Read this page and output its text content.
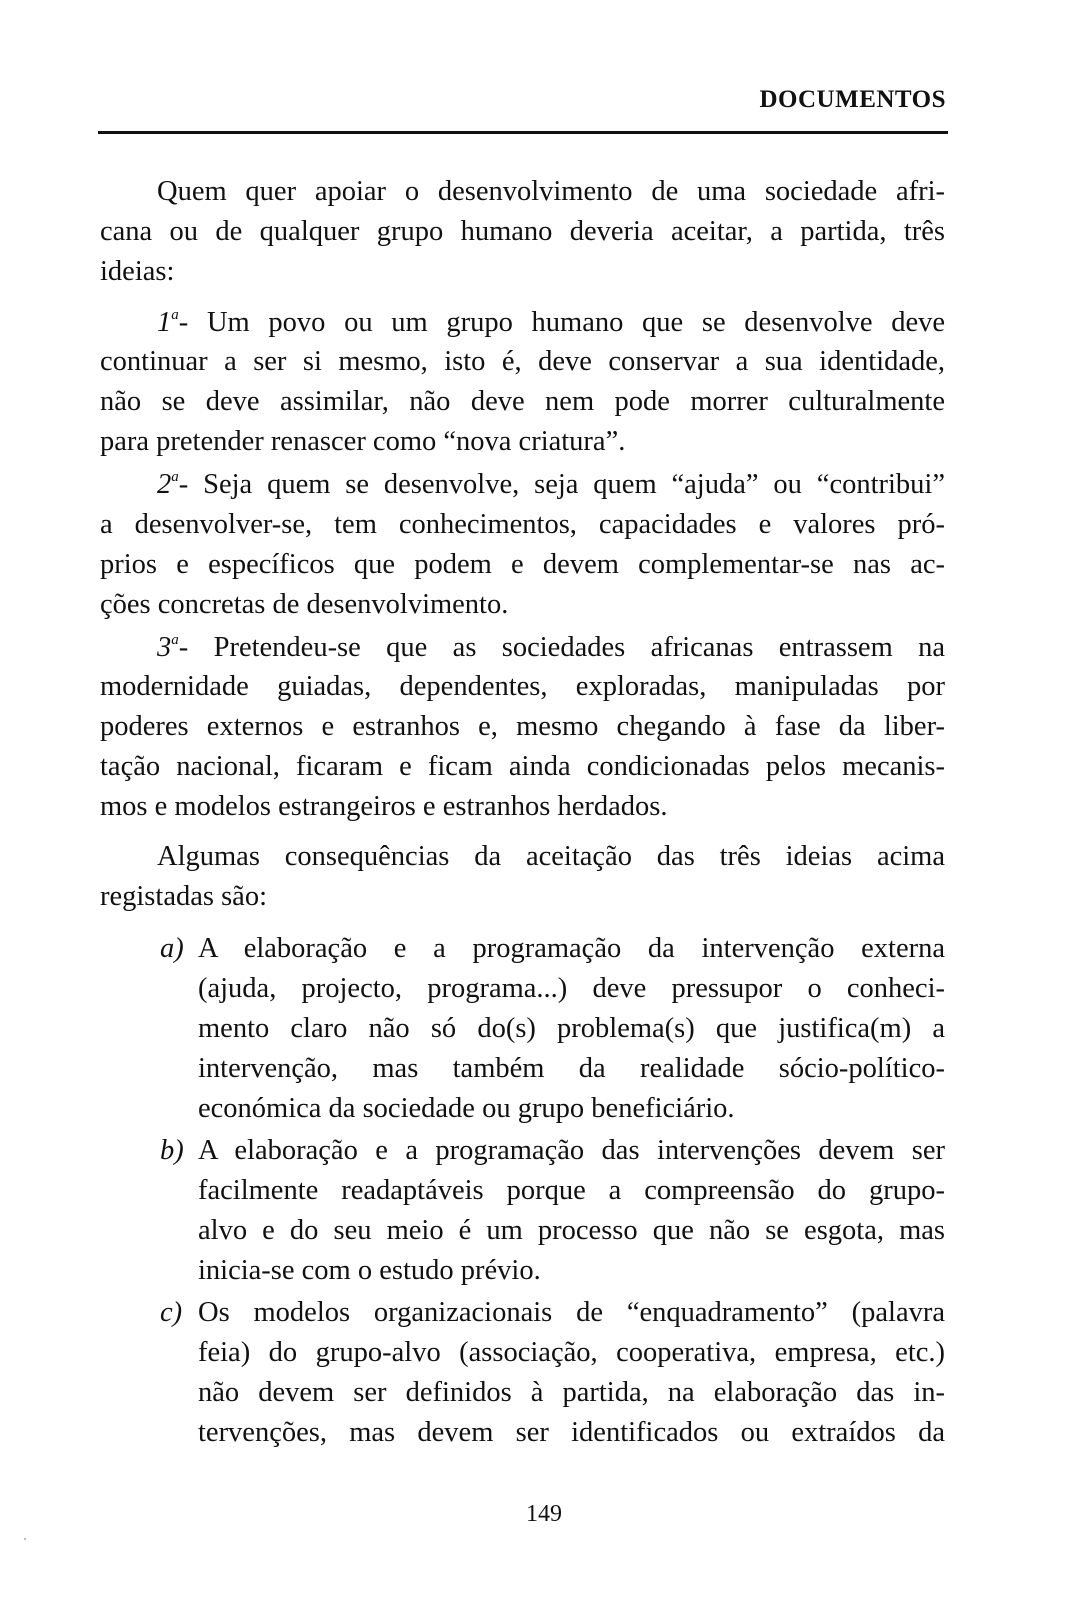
DOCUMENTOS
Quem quer apoiar o desenvolvimento de uma sociedade afri-
cana ou de qualquer grupo humano deveria aceitar, a partida, três
ideias:
1$^a$- Um povo ou um grupo humano que se desenvolve deve
continuar a ser si mesmo, isto é, deve conservar a sua identidade,
não se deve assimilar, não deve nem pode morrer culturalmente
para pretender renascer como “nova criatura”.
2$^a$- Seja quem se desenvolve, seja quem “ajuda” ou “contribui”
a desenvolver-se, tem conhecimentos, capacidades e valores pró-
prios e específicos que podem e devem complementar-se nas ac-
ções concretas de desenvolvimento.
3$^a$- Pretendeu-se que as sociedades africanas entrassem na
modernidade guiadas, dependentes, exploradas, manipuladas por
poderes externos e estranhos e, mesmo chegando à fase da liber-
tação nacional, ficaram e ficam ainda condicionadas pelos mecanis-
mos e modelos estrangeiros e estranhos herdados.
Algumas consequências da aceitação das três ideias acima
registadas são:
a) A elaboração e a programação da intervenção externa
(ajuda, projecto, programa...) deve pressupor o conheci-
mento claro não só do(s) problema(s) que justifica(m) a
intervenção, mas também da realidade sócio-político-
económica da sociedade ou grupo beneficiário.
b) A elaboração e a programação das intervenções devem ser
facilmente readaptáveis porque a compreensão do grupo-
alvo e do seu meio é um processo que não se esgota, mas
inicia-se com o estudo prévio.
c) Os modelos organizacionais de “enquadramento” (palavra
feia) do grupo-alvo (associação, cooperativa, empresa, etc.)
não devem ser definidos à partida, na elaboração das in-
tervenções, mas devem ser identificados ou extraídos da
149
